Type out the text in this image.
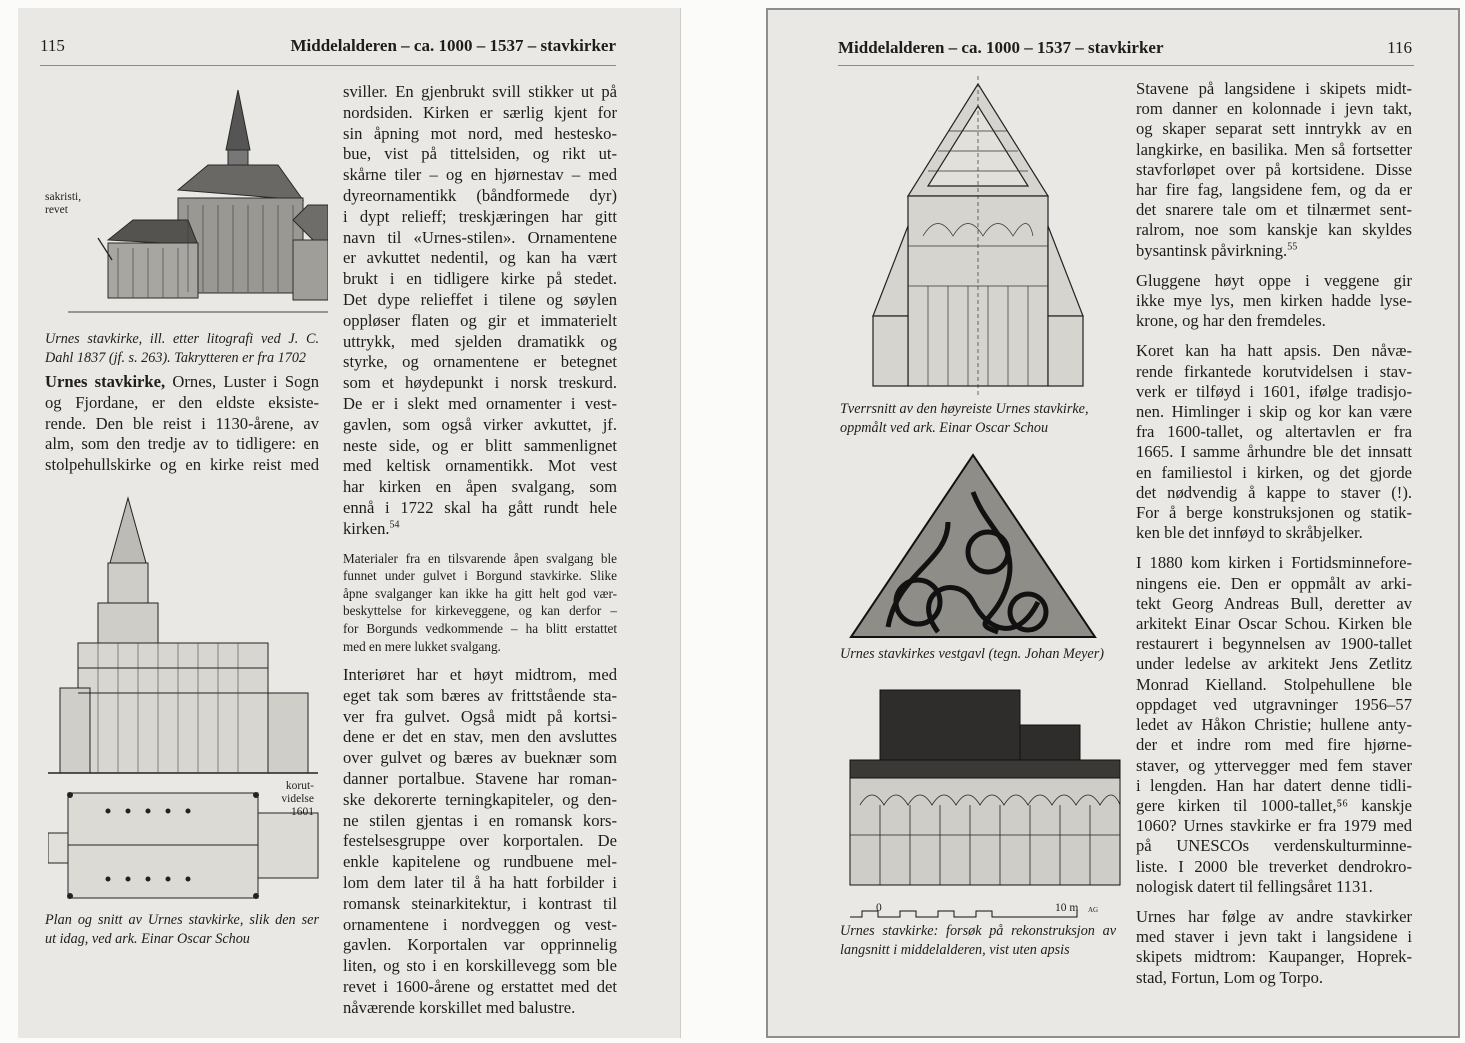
115	Middelalderen – ca. 1000 – 1537 – stavkirker
sakristi,
revet
Urnes stavkirke, ill. etter litografi ved J. C.
Dahl 1837 (jf. s. 263). Takrytteren er fra 1702
Urnes stavkirke, Ornes, Luster i Sogn
og Fjordane, er den eldste eksiste-
rende. Den ble reist i 1130-årene, av
alm, som den tredje av to tidligere: en
stolpehullskirke og en kirke reist med
korut-
videlse
1601
Plan og snitt av Urnes stavkirke, slik den ser
ut idag, ved ark. Einar Oscar Schou
sviller. En gjenbrukt svill stikker ut på
nordsiden. Kirken er særlig kjent for
sin åpning mot nord, med hestesko-
bue, vist på tittelsiden, og rikt ut-
skårne tiler – og en hjørnestav – med
dyreornamentikk (båndformede dyr)
i dypt relieff; treskjæringen har gitt
navn til «Urnes-stilen». Ornamentene
er avkuttet nedentil, og kan ha vært
brukt i en tidligere kirke på stedet.
Det dype relieffet i tilene og søylen
oppløser flaten og gir et immaterielt
uttrykk, med sjelden dramatikk og
styrke, og ornamentene er betegnet
som et høydepunkt i norsk treskurd.
De er i slekt med ornamenter i vest-
gavlen, som også virker avkuttet, jf.
neste side, og er blitt sammenlignet
med keltisk ornamentikk. Mot vest
har kirken en åpen svalgang, som
ennå i 1722 skal ha gått rundt hele
kirken.$^{54}$
Materialer fra en tilsvarende åpen svalgang ble
funnet under gulvet i Borgund stavkirke. Slike
åpne svalganger kan ikke ha gitt helt god vær-
beskyttelse for kirkeveggene, og kan derfor –
for Borgunds vedkommende – ha blitt erstattet
med en mere lukket svalgang.
Interiøret har et høyt midtrom, med
eget tak som bæres av frittstående sta-
ver fra gulvet. Også midt på kortsi-
dene er det en stav, men den avsluttes
over gulvet og bæres av bueknær som
danner portalbue. Stavene har roman-
ske dekorerte terningkapiteler, og den-
ne stilen gjentas i en romansk kors-
festelsesgruppe over korportalen. De
enkle kapitelene og rundbuene mel-
lom dem later til å ha hatt forbilder i
romansk steinarkitektur, i kontrast til
ornamentene i nordveggen og vest-
gavlen. Korportalen var opprinnelig
liten, og sto i en korskillevegg som ble
revet i 1600-årene og erstattet med det
nåværende korskillet med balustre.
Middelalderen – ca. 1000 – 1537 – stavkirker	116
Tverrsnitt av den høyreiste Urnes stavkirke,
oppmålt ved ark. Einar Oscar Schou
Urnes stavkirkes vestgavl (tegn. Johan Meyer)
0	10 m AG
Urnes stavkirke: forsøk på rekonstruksjon av
langsnitt i middelalderen, vist uten apsis
Stavene på langsidene i skipets midt-
rom danner en kolonnade i jevn takt,
og skaper separat sett inntrykk av en
langkirke, en basilika. Men så fortsetter
stavforløpet over på kortsidene. Disse
har fire fag, langsidene fem, og da er
det snarere tale om et tilnærmet sent-
ralrom, noe som kanskje kan skyldes
bysantinsk påvirkning.$^{55}$
Gluggene høyt oppe i veggene gir
ikke mye lys, men kirken hadde lyse-
krone, og har den fremdeles.
Koret kan ha hatt apsis. Den nåvæ-
rende firkantede korutvidelsen i stav-
verk er tilføyd i 1601, ifølge tradisjo-
nen. Himlinger i skip og kor kan være
fra 1600-tallet, og altertavlen er fra
1665. I samme århundre ble det innsatt
en familiestol i kirken, og det gjorde
det nødvendig å kappe to staver (!).
For å berge konstruksjonen og statik-
ken ble det innføyd to skråbjelker.
I 1880 kom kirken i Fortidsminnefore-
ningens eie. Den er oppmålt av arki-
tekt Georg Andreas Bull, deretter av
arkitekt Einar Oscar Schou. Kirken ble
restaurert i begynnelsen av 1900-tallet
under ledelse av arkitekt Jens Zetlitz
Monrad Kielland. Stolpehullene ble
oppdaget ved utgravninger 1956–57
ledet av Håkon Christie; hullene anty-
der et indre rom med fire hjørne-
staver, og yttervegger med fem staver
i lengden. Han har datert denne tidli-
gere kirken til 1000-tallet,⁵⁶ kanskje
1060? Urnes stavkirke er fra 1979 med
på UNESCOs verdenskulturminne-
liste. I 2000 ble treverket dendrokro-
nologisk datert til fellingsåret 1131.
Urnes har følge av andre stavkirker
med staver i jevn takt i langsidene i
skipets midtrom: Kaupanger, Hoprek-
stad, Fortun, Lom og Torpo.
